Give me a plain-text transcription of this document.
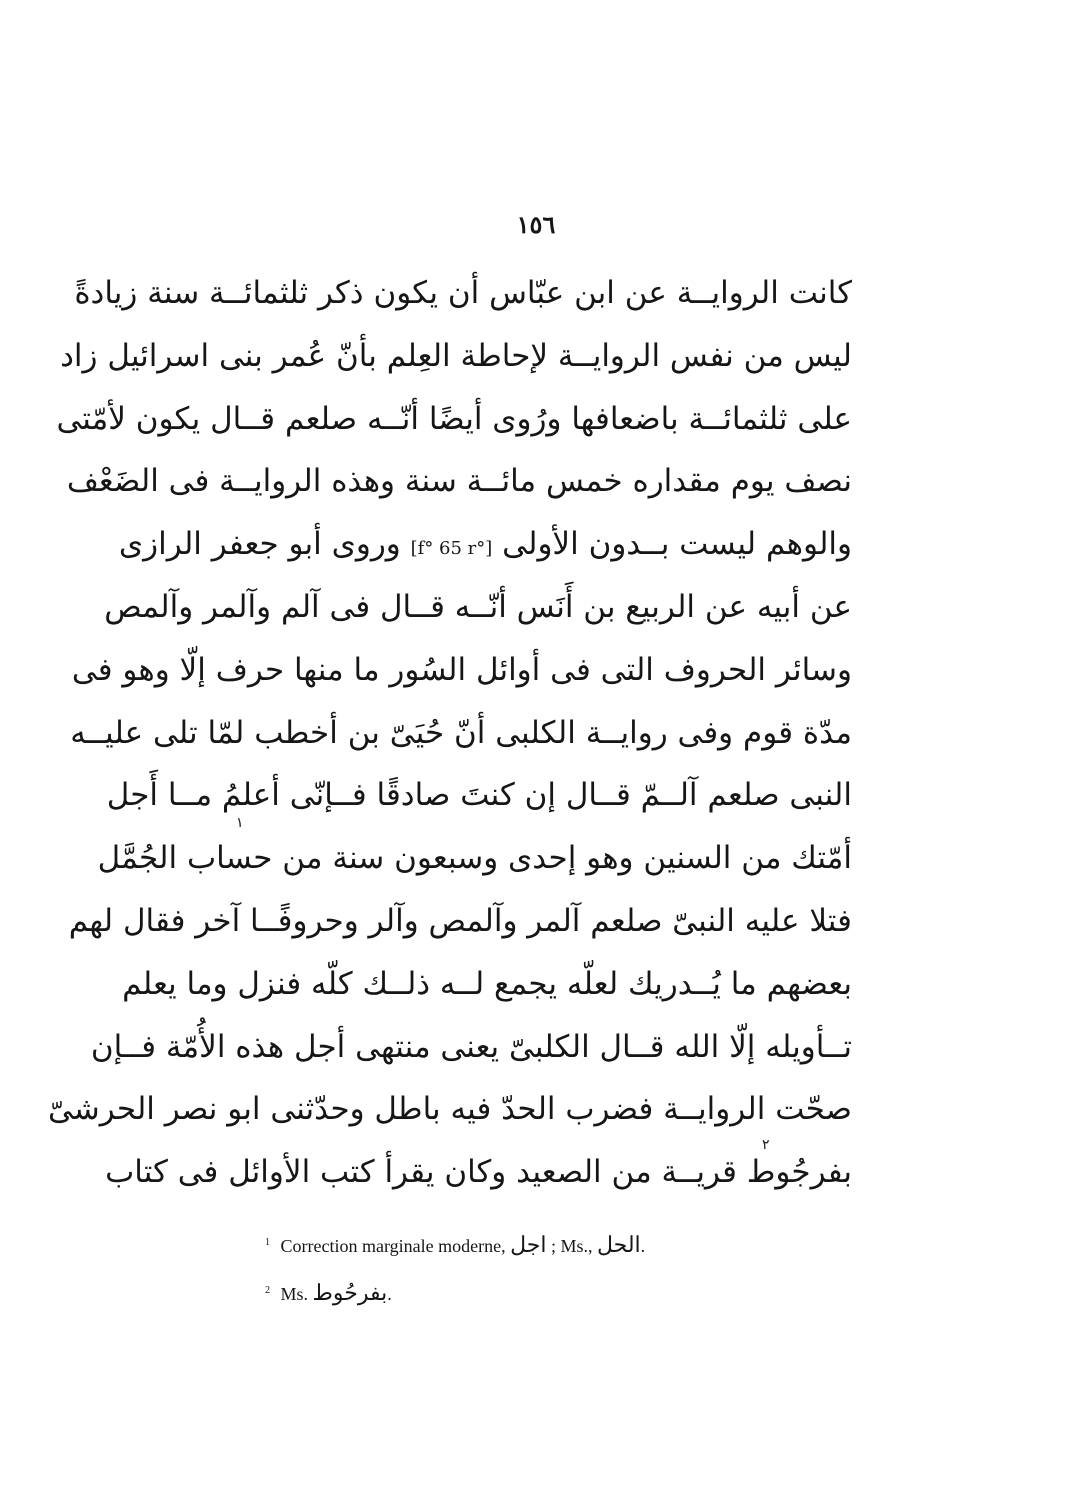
١٥٦
كانت الروايــة عن ابن عبّاس أن يكون ذكر ثلثمائــة سنة زيادةً
ليس من نفس الروايــة لإحاطة العِلم بأنّ عُمر بنى اسرائيل زاد
على ثلثمائــة باضعافها ورُوى أيضًا أنّــه صلعم قــال يكون لأمّتى
نصف يوم مقداره خمس مائــة سنة وهذه الروايــة فى الضَعْف
والوهم ليست بــدون الأولى [f° 65 r°] وروى أبو جعفر الرازى
عن أبيه عن الربيع بن أَنَس أنّــه قــال فى آلم وآلمر وآلمص
وسائر الحروف التى فى أوائل السُور ما منها حرف إلّا وهو فى
مدّة قوم وفى روايــة الكلبى أنّ حُيَىّ بن أخطب لمّا تلى عليــه
النبى صلعم آلــمّ قــال إن كنتَ صادقًا فــإنّى أعلمُ مــا أَجل
أمّتك من السنين وهو إحدى وسبعون سنة من حساب الجُمَّل
فتلا عليه النبىّ صلعم آلمر وآلمص وآلر وحروفًــا آخر فقال لهم
بعضهم ما يُــدريك لعلّه يجمع لــه ذلــك كلّه فنزل وما يعلم
تــأويله إلّا الله قــال الكلبىّ يعنى منتهى أجل هذه الأُمّة فــإن
صحّت الروايــة فضرب الحدّ فيه باطل وحدّثنى ابو نصر الحرشىّ
بفرجُوط قريــة من الصعيد وكان يقرأ كتب الأوائل فى كتاب
١
٢
$^1$ Correction marginale moderne, اجل ; Ms., الحل.
$^2$ Ms. بفرحُوط.
